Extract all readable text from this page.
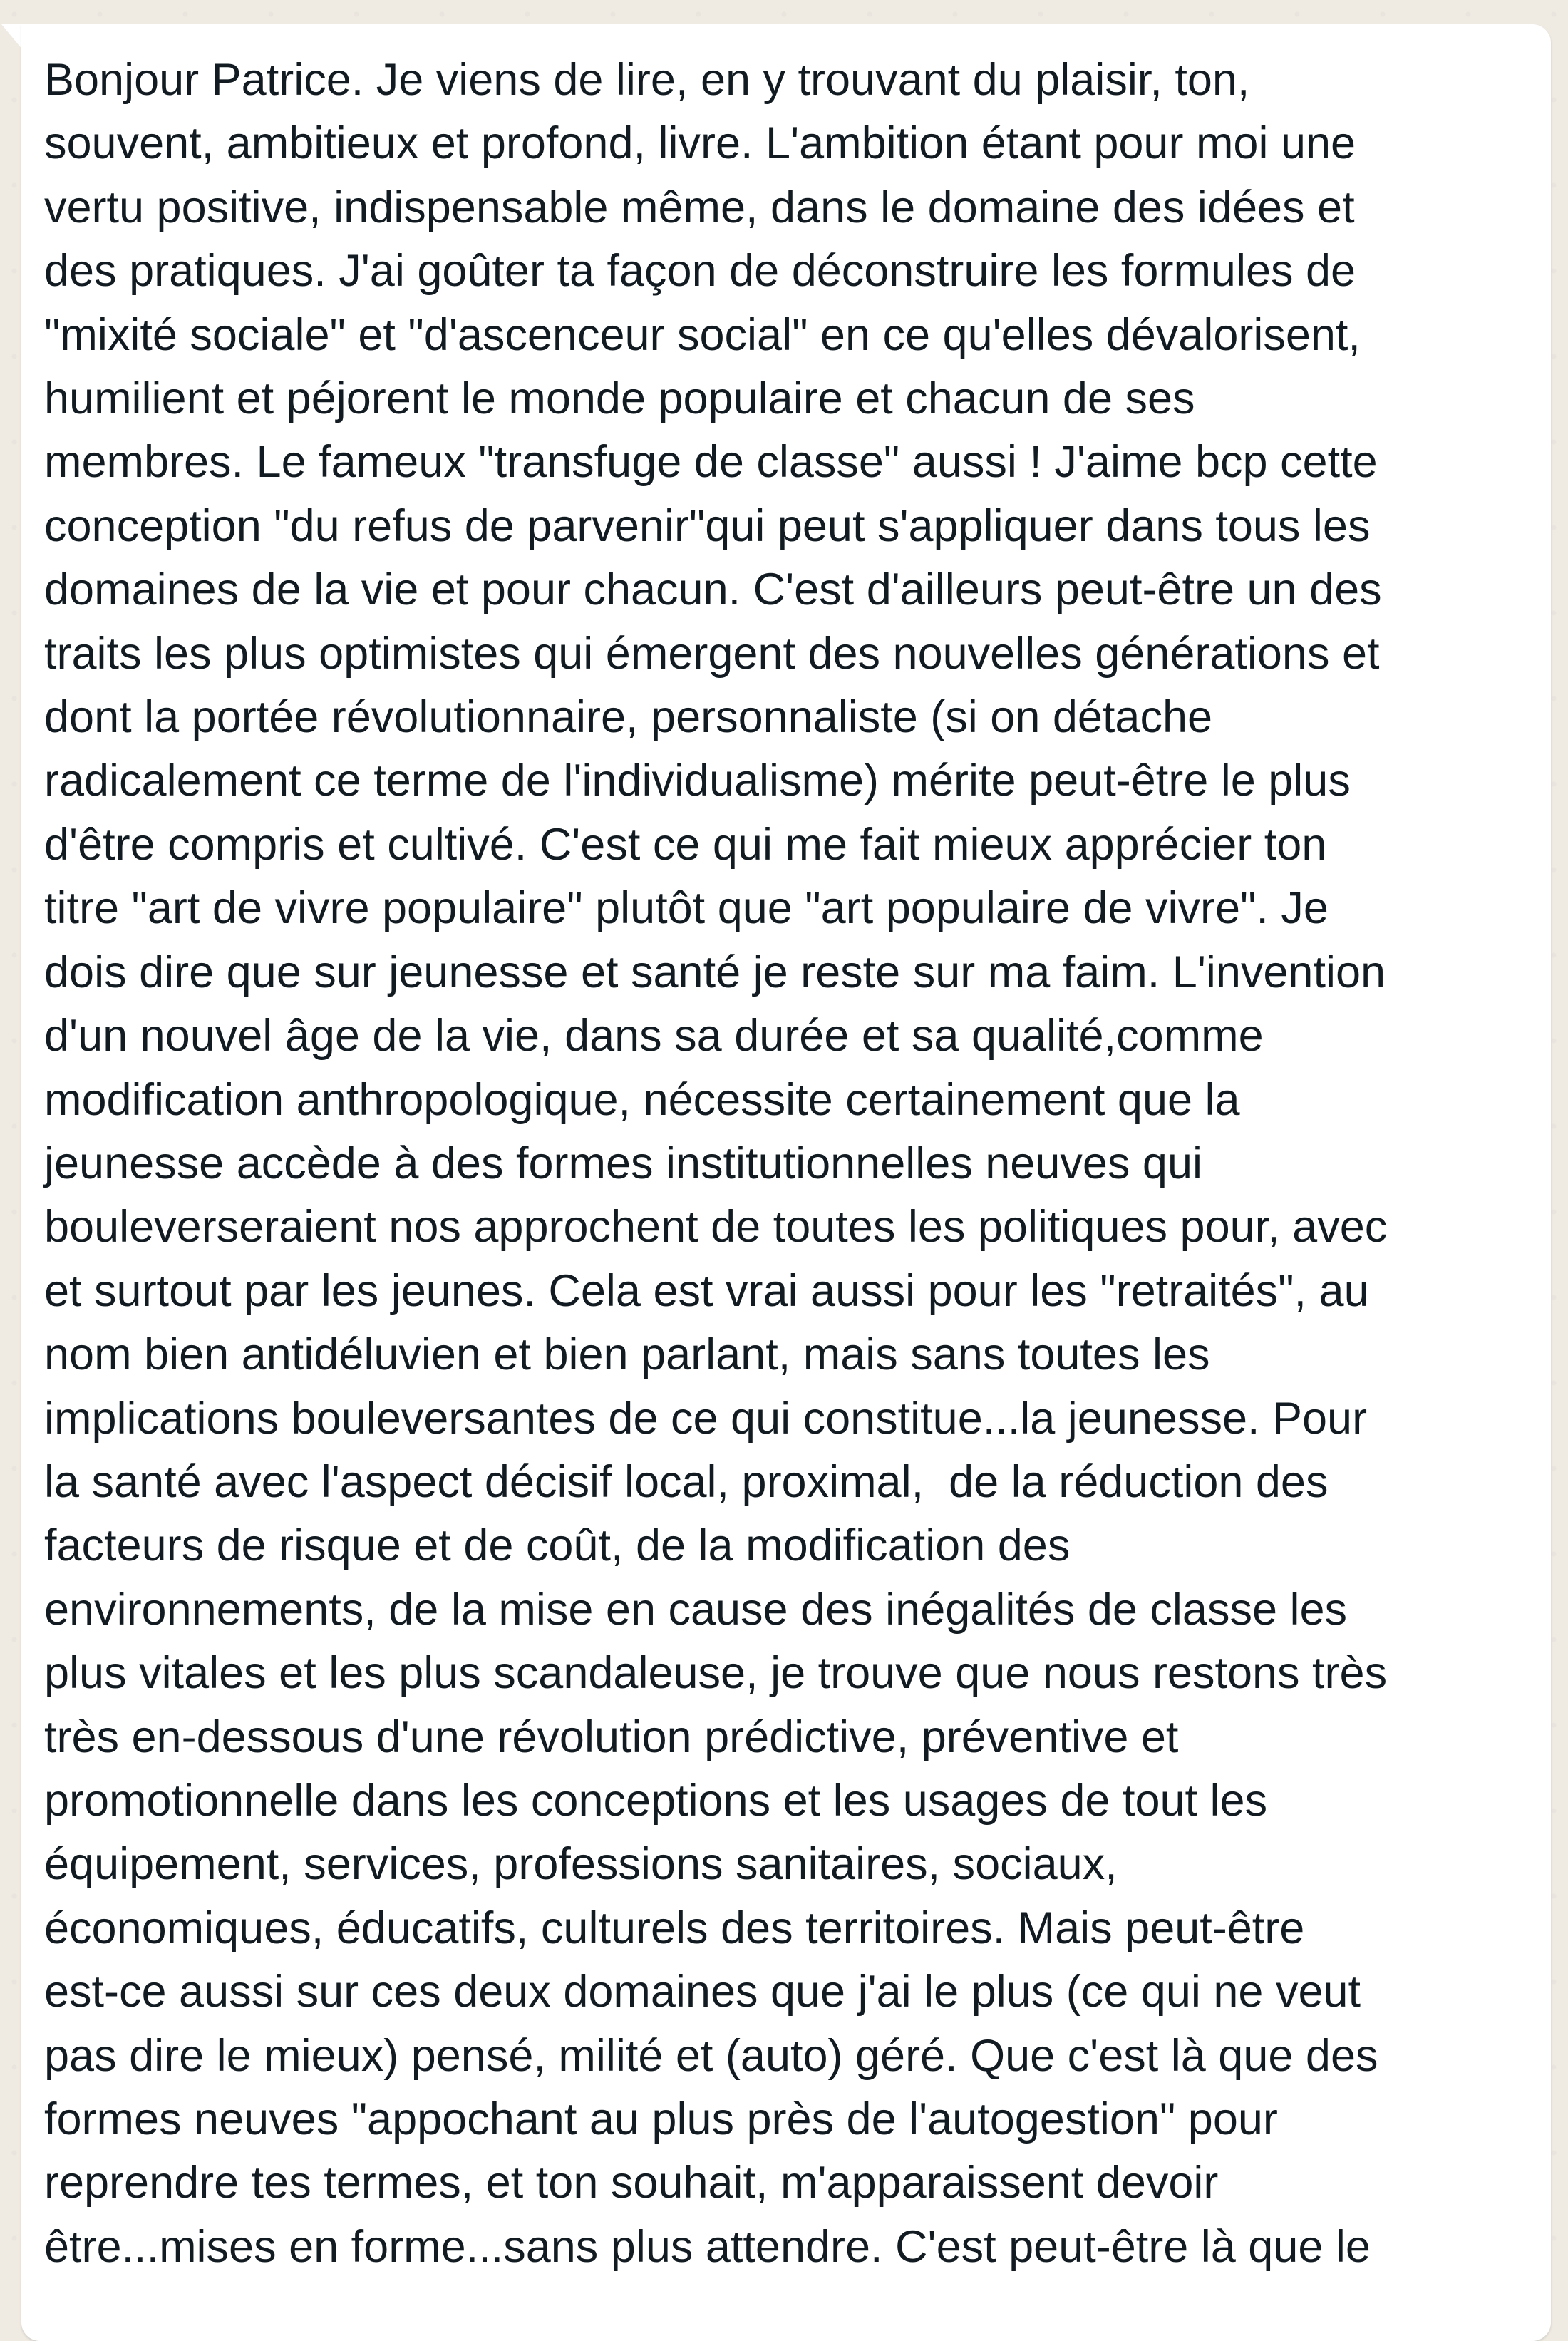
Bonjour Patrice. Je viens de lire, en y trouvant du plaisir, ton,
souvent, ambitieux et profond, livre. L'ambition étant pour moi une
vertu positive, indispensable même, dans le domaine des idées et
des pratiques. J'ai goûter ta façon de déconstruire les formules de
"mixité sociale" et "d'ascenceur social" en ce qu'elles dévalorisent,
humilient et péjorent le monde populaire et chacun de ses
membres. Le fameux "transfuge de classe" aussi ! J'aime bcp cette
conception "du refus de parvenir"qui peut s'appliquer dans tous les
domaines de la vie et pour chacun. C'est d'ailleurs peut-être un des
traits les plus optimistes qui émergent des nouvelles générations et
dont la portée révolutionnaire, personnaliste (si on détache
radicalement ce terme de l'individualisme) mérite peut-être le plus
d'être compris et cultivé. C'est ce qui me fait mieux apprécier ton
titre "art de vivre populaire" plutôt que "art populaire de vivre". Je
dois dire que sur jeunesse et santé je reste sur ma faim. L'invention
d'un nouvel âge de la vie, dans sa durée et sa qualité,comme
modification anthropologique, nécessite certainement que la
jeunesse accède à des formes institutionnelles neuves qui
bouleverseraient nos approchent de toutes les politiques pour, avec
et surtout par les jeunes. Cela est vrai aussi pour les "retraités", au
nom bien antidéluvien et bien parlant, mais sans toutes les
implications bouleversantes de ce qui constitue...la jeunesse. Pour
la santé avec l'aspect décisif local, proximal,  de la réduction des
facteurs de risque et de coût, de la modification des
environnements, de la mise en cause des inégalités de classe les
plus vitales et les plus scandaleuse, je trouve que nous restons très
très en-dessous d'une révolution prédictive, préventive et
promotionnelle dans les conceptions et les usages de tout les
équipement, services, professions sanitaires, sociaux,
économiques, éducatifs, culturels des territoires. Mais peut-être
est-ce aussi sur ces deux domaines que j'ai le plus (ce qui ne veut
pas dire le mieux) pensé, milité et (auto) géré. Que c'est là que des
formes neuves "appochant au plus près de l'autogestion" pour
reprendre tes termes, et ton souhait, m'apparaissent devoir
être...mises en forme...sans plus attendre. C'est peut-être là que le
